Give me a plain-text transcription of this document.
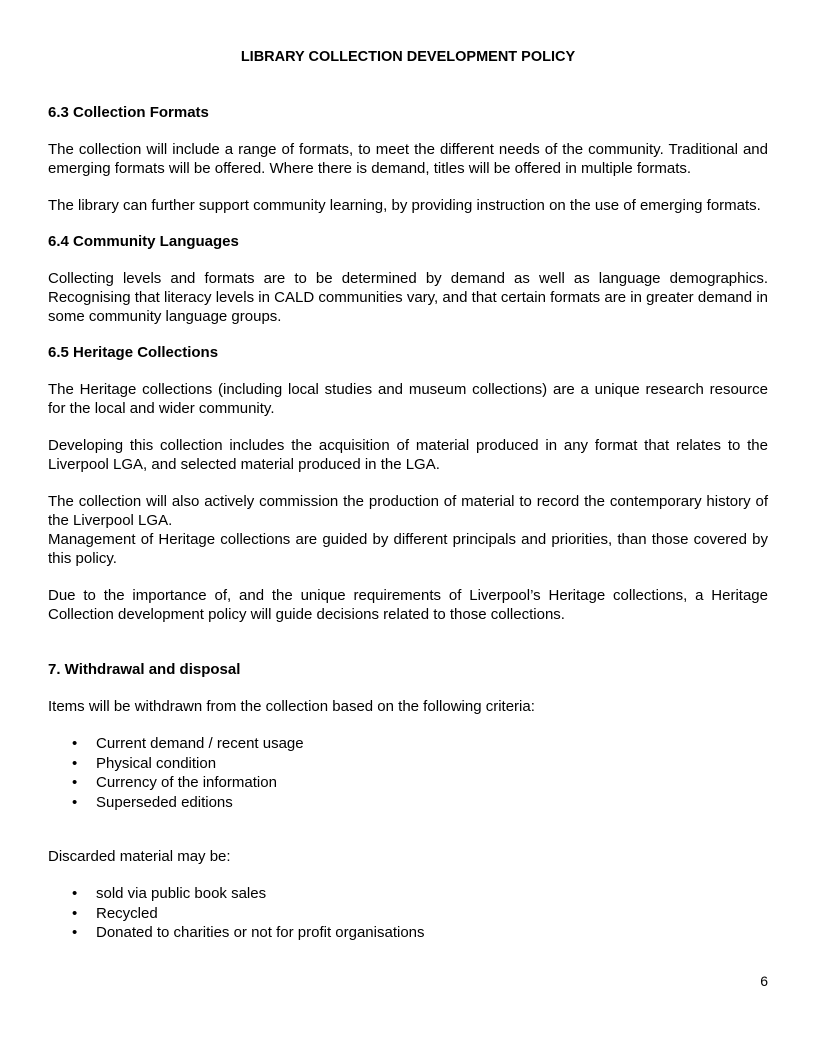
LIBRARY COLLECTION DEVELOPMENT POLICY
6.3 Collection Formats

The collection will include a range of formats, to meet the different needs of the community. Traditional and emerging formats will be offered. Where there is demand, titles will be offered in multiple formats.

The library can further support community learning, by providing instruction on the use of emerging formats.

6.4 Community Languages

Collecting levels and formats are to be determined by demand as well as language demographics. Recognising that literacy levels in CALD communities vary, and that certain formats are in greater demand in some community language groups.

6.5 Heritage Collections

The Heritage collections (including local studies and museum collections) are a unique research resource for the local and wider community.

Developing this collection includes the acquisition of material produced in any format that relates to the Liverpool LGA, and selected material produced in the LGA.

The collection will also actively commission the production of material to record the contemporary history of the Liverpool LGA.

Management of Heritage collections are guided by different principals and priorities, than those covered by this policy.

Due to the importance of, and the unique requirements of Liverpool’s Heritage collections, a Heritage Collection development policy will guide decisions related to those collections.

7. Withdrawal and disposal

Items will be withdrawn from the collection based on the following criteria:

• Current demand / recent usage
• Physical condition
• Currency of the information
• Superseded editions

Discarded material may be:

• sold via public book sales
• Recycled
• Donated to charities or not for profit organisations
6
